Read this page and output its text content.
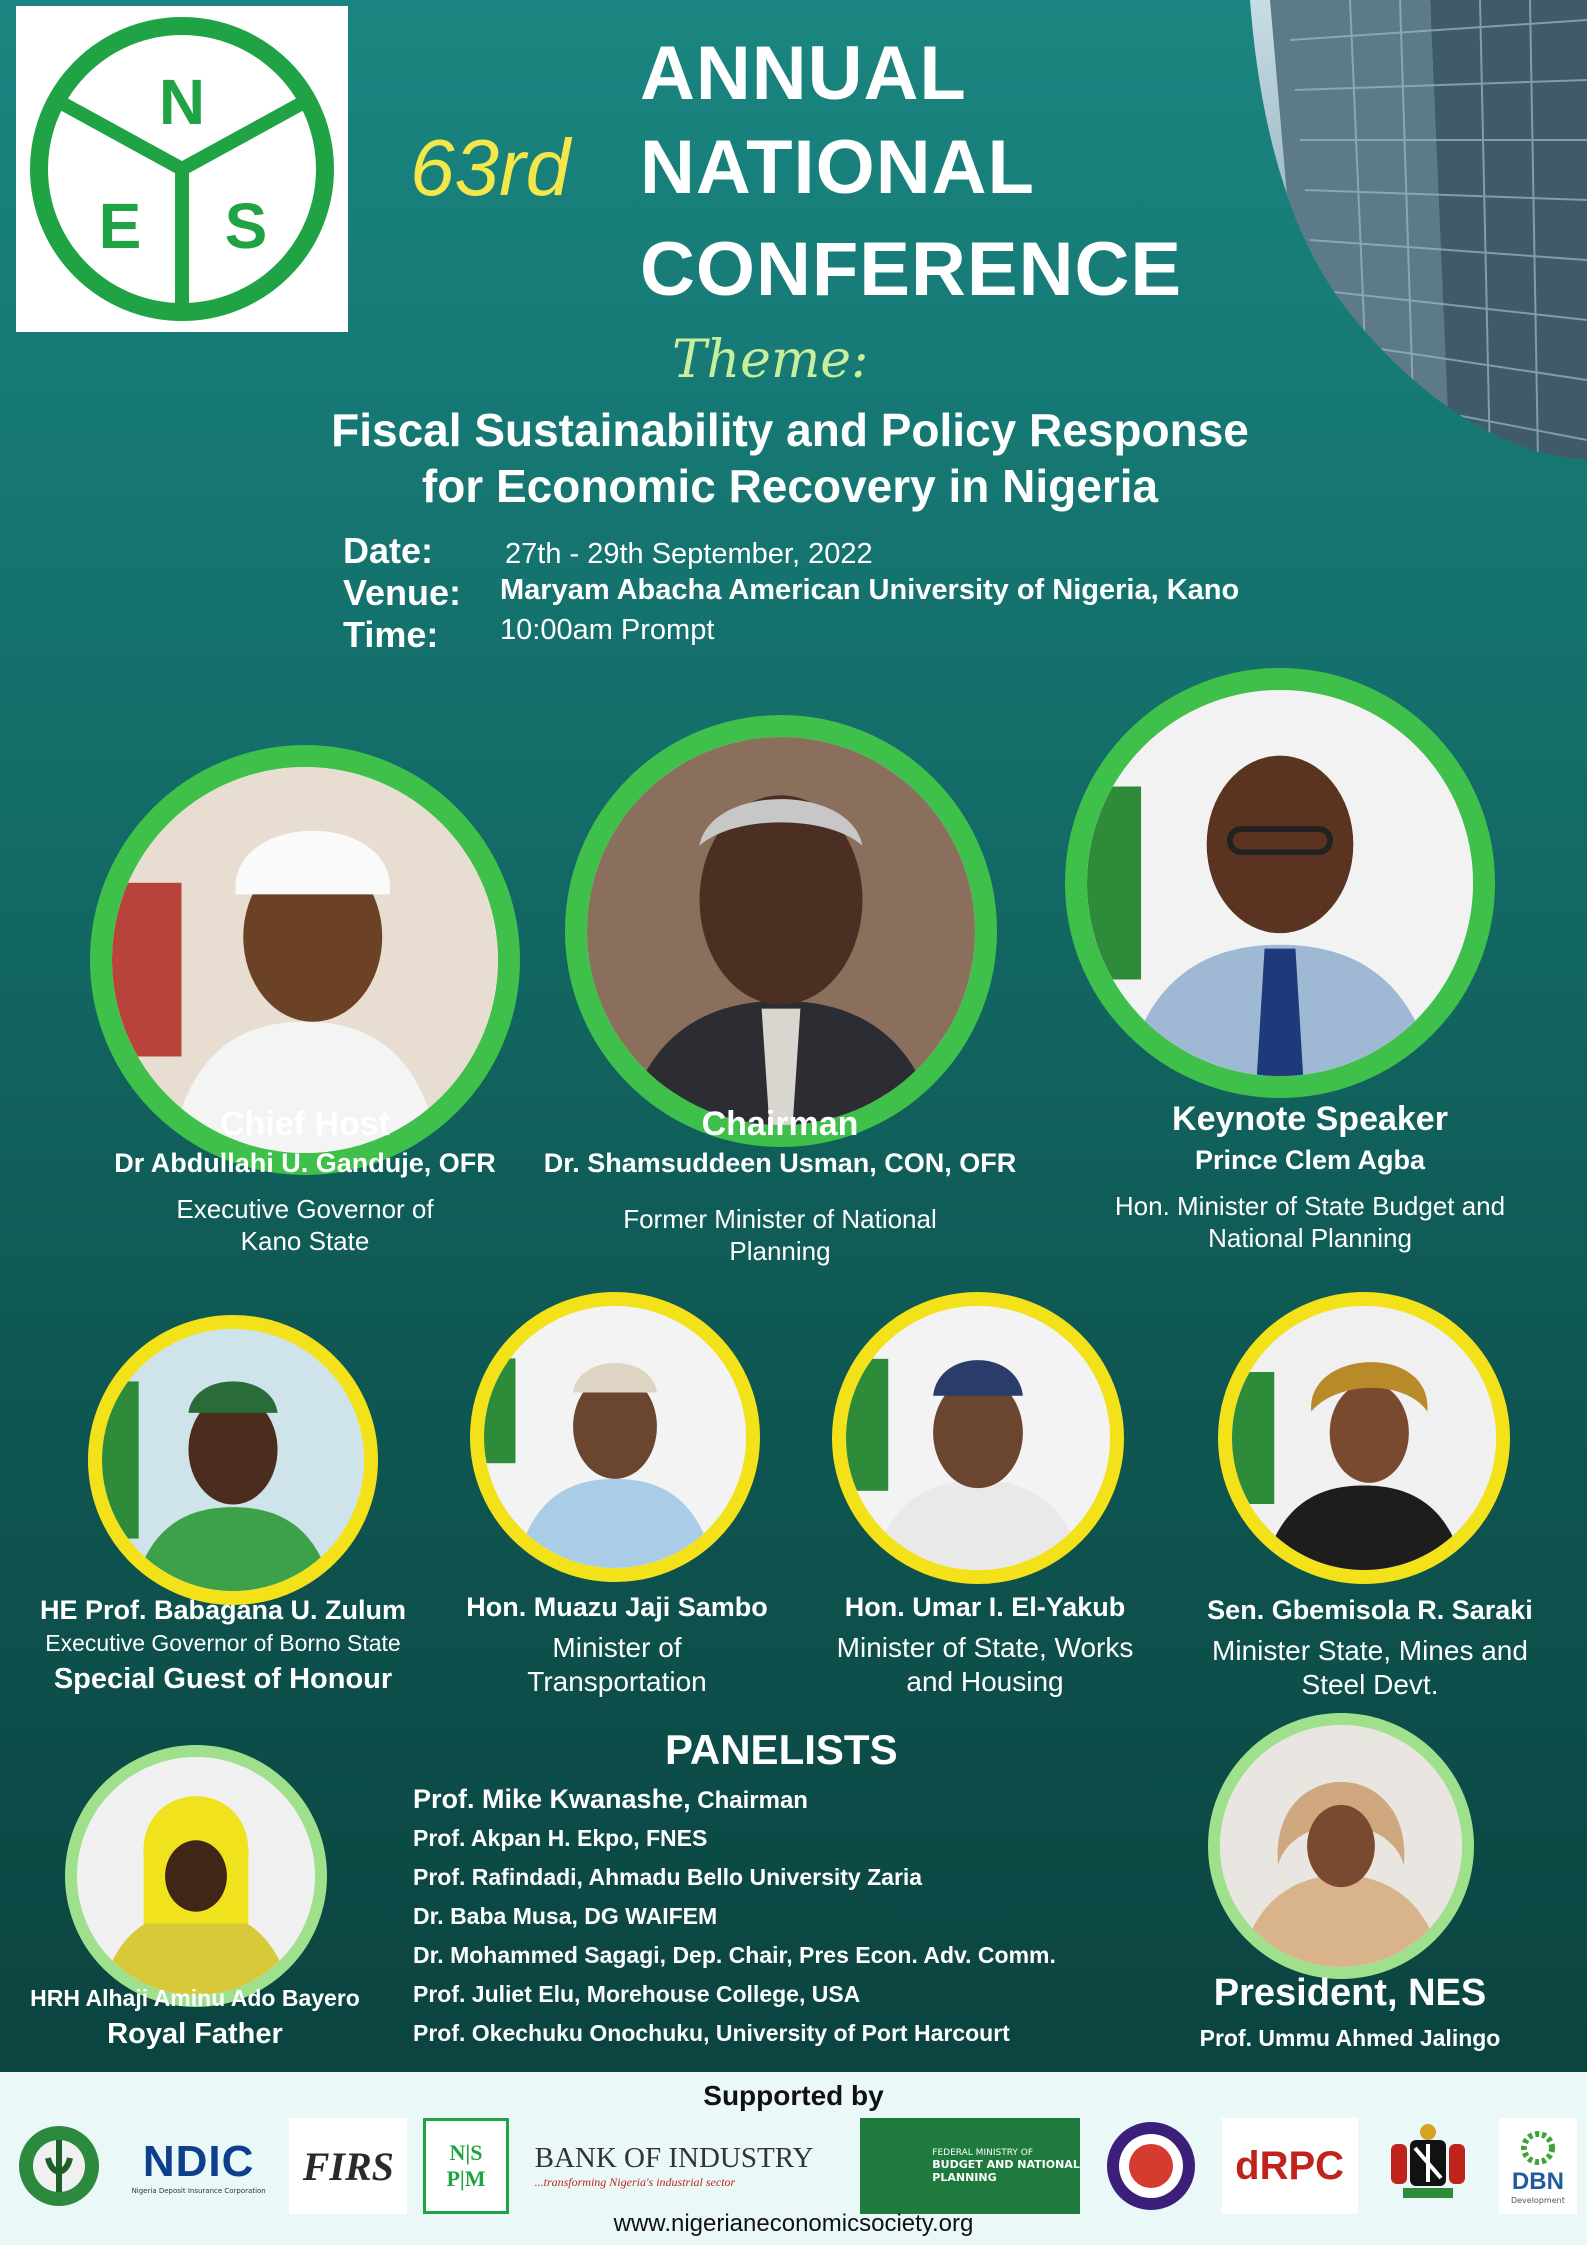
N
E S
ANNUAL
63rd NATIONAL
CONFERENCE
Theme:
Fiscal Sustainability and Policy Response
for Economic Recovery in Nigeria
Date: 27th - 29th September, 2022
Venue: Maryam Abacha American University of Nigeria, Kano
Time: 10:00am Prompt
Chief Host
Dr Abdullahi U. Ganduje, OFR
Executive Governor of
Kano State
Chairman
Dr. Shamsuddeen Usman, CON, OFR
Former Minister of National
Planning
Keynote Speaker
Prince Clem Agba
Hon. Minister of State Budget and
National Planning
HE Prof. Babagana U. Zulum
Executive Governor of Borno State
Special Guest of Honour
Hon. Muazu Jaji Sambo
Minister of
Transportation
Hon. Umar I. El-Yakub
Minister of State, Works
and Housing
Sen. Gbemisola R. Saraki
Minister State, Mines and
Steel Devt.
HRH Alhaji Aminu Ado Bayero
Royal Father
President, NES
Prof. Ummu Ahmed Jalingo
PANELISTS
Prof. Mike Kwanashe, Chairman
Prof. Akpan H. Ekpo, FNES
Prof. Rafindadi, Ahmadu Bello University Zaria
Dr. Baba Musa, DG WAIFEM
Dr. Mohammed Sagagi, Dep. Chair, Pres Econ. Adv. Comm.
Prof. Juliet Elu, Morehouse College, USA
Prof. Okechuku Onochuku, University of Port Harcourt
Supported by
NDIC
Nigeria Deposit Insurance Corporation
FIRS	N|S
P|M
BANK OF INDUSTRY
...transforming Nigeria's industrial sector
FEDERAL MINISTRY OF
BUDGET AND NATIONAL
PLANNING	dRPC	DBN
Development
www.nigerianeconomicsociety.org
